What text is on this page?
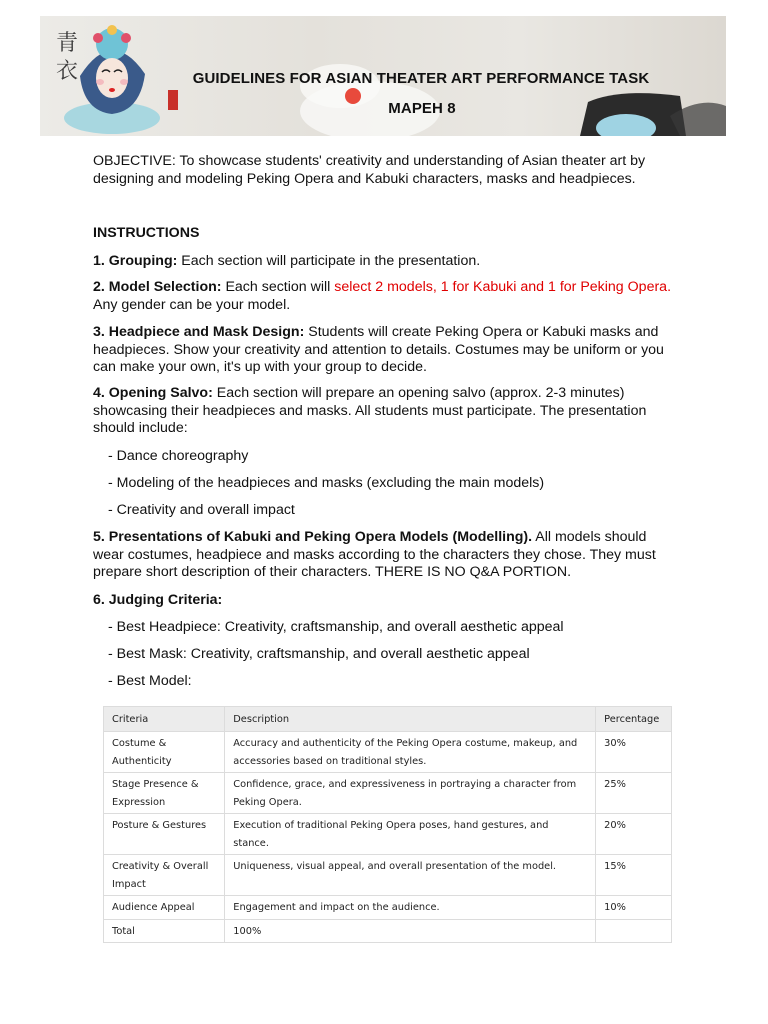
青衣	GUIDELINES FOR ASIAN THEATER ART PERFORMANCE TASK
MAPEH 8

OBJECTIVE: To showcase students' creativity and understanding of Asian theater art by designing and modeling Peking Opera and Kabuki characters, masks and headpieces.

INSTRUCTIONS

1. Grouping: Each section will participate in the presentation.

2. Model Selection: Each section will select 2 models, 1 for Kabuki and 1 for Peking Opera. Any gender can be your model.

3. Headpiece and Mask Design: Students will create Peking Opera or Kabuki masks and headpieces. Show your creativity and attention to details. Costumes may be uniform or you can make your own, it's up with your group to decide.

4. Opening Salvo: Each section will prepare an opening salvo (approx. 2-3 minutes) showcasing their headpieces and masks. All students must participate. The presentation should include:

- Dance choreography

- Modeling of the headpieces and masks (excluding the main models)

- Creativity and overall impact

5. Presentations of Kabuki and Peking Opera Models (Modelling). All models should wear costumes, headpiece and masks according to the characters they chose. They must prepare short description of their characters. THERE IS NO Q&A PORTION.

6. Judging Criteria:

- Best Headpiece: Creativity, craftsmanship, and overall aesthetic appeal

- Best Mask: Creativity, craftsmanship, and overall aesthetic appeal

- Best Model:

Criteria	Description	Percentage
Costume & Authenticity	Accuracy and authenticity of the Peking Opera costume, makeup, and accessories based on traditional styles.	30%
Stage Presence & Expression	Confidence, grace, and expressiveness in portraying a character from Peking Opera.	25%
Posture & Gestures	Execution of traditional Peking Opera poses, hand gestures, and stance.	20%
Creativity & Overall Impact	Uniqueness, visual appeal, and overall presentation of the model.	15%
Audience Appeal	Engagement and impact on the audience.	10%
Total	100%	
